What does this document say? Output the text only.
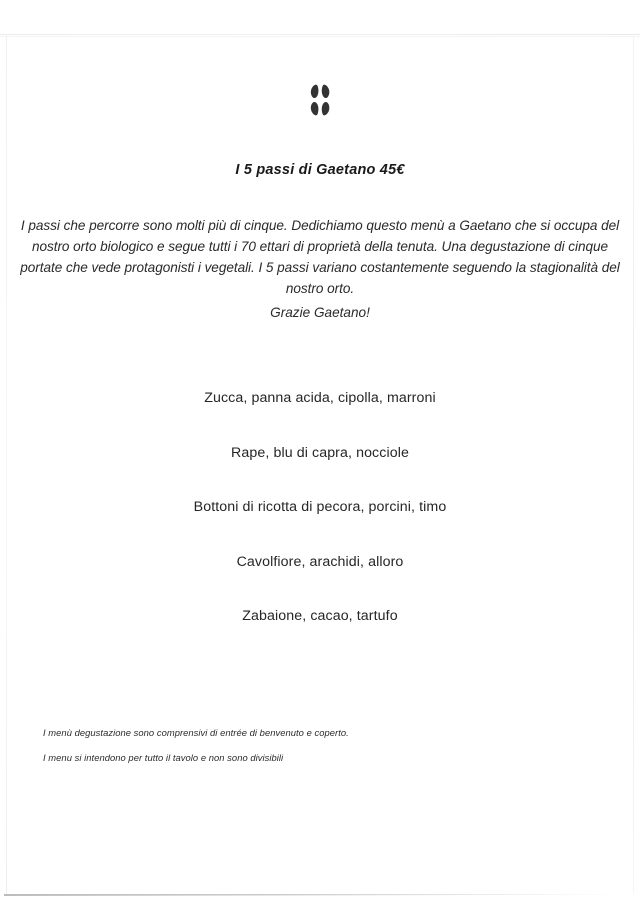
I 5 passi di Gaetano 45€
I passi che percorre sono molti più di cinque. Dedichiamo questo menù a Gaetano che si occupa del nostro orto biologico e segue tutti i 70 ettari di proprietà della tenuta. Una degustazione di cinque portate che vede protagonisti i vegetali. I 5 passi variano costantemente seguendo la stagionalità del nostro orto.
Grazie Gaetano!
Zucca, panna acida, cipolla, marroni
Rape, blu di capra, nocciole
Bottoni di ricotta di pecora, porcini, timo
Cavolfiore, arachidi, alloro
Zabaione, cacao, tartufo
I menù degustazione sono comprensivi di entrée di benvenuto e coperto.
I menu si intendono per tutto il tavolo e non sono divisibili
